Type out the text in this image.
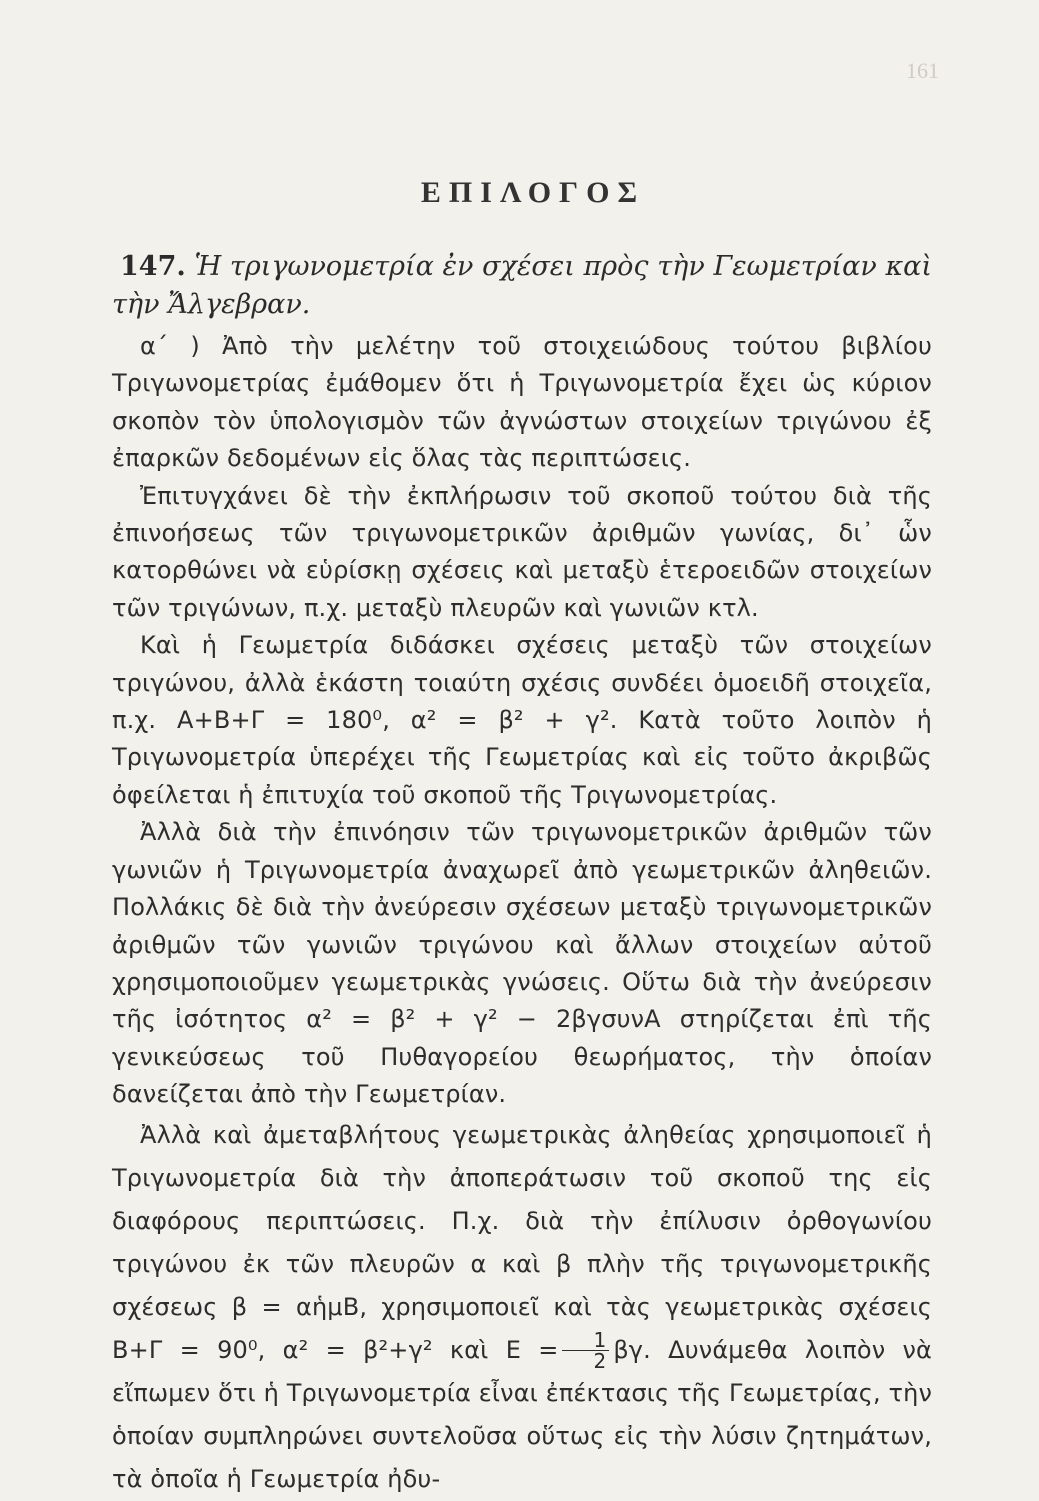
161
ΕΠΙΛΟΓΟΣ
147. Ἡ τριγωνομετρία ἐν σχέσει πρὸς τὴν Γεωμετρίαν καὶ τὴν Ἄλγεβραν.

α΄ ) Ἀπὸ τὴν μελέτην τοῦ στοιχειώδους τούτου βιβλίου Τριγωνομετρίας ἐμάθομεν ὅτι ἡ Τριγωνομετρία ἔχει ὡς κύριον σκοπὸν τὸν ὑπολογισμὸν τῶν ἀγνώστων στοιχείων τριγώνου ἐξ ἐπαρκῶν δεδομένων εἰς ὅλας τὰς περιπτώσεις.

Ἐπιτυγχάνει δὲ τὴν ἐκπλήρωσιν τοῦ σκοποῦ τούτου διὰ τῆς ἐπινοήσεως τῶν τριγωνομετρικῶν ἀριθμῶν γωνίας, δι᾿ ὧν κατορθώνει νὰ εὑρίσκῃ σχέσεις καὶ μεταξὺ ἑτεροειδῶν στοιχείων τῶν τριγώνων, π.χ. μεταξὺ πλευρῶν καὶ γωνιῶν κτλ.

Καὶ ἡ Γεωμετρία διδάσκει σχέσεις μεταξὺ τῶν στοιχείων τριγώνου, ἀλλὰ ἑκάστη τοιαύτη σχέσις συνδέει ὁμοειδῆ στοιχεῖα, π.χ. Α+Β+Γ = 180⁰, α² = β² + γ². Κατὰ τοῦτο λοιπὸν ἡ Τριγωνομετρία ὑπερέχει τῆς Γεωμετρίας καὶ εἰς τοῦτο ἀκριβῶς ὀφείλεται ἡ ἐπιτυχία τοῦ σκοποῦ τῆς Τριγωνομετρίας.

Ἀλλὰ διὰ τὴν ἐπινόησιν τῶν τριγωνομετρικῶν ἀριθμῶν τῶν γωνιῶν ἡ Τριγωνομετρία ἀναχωρεῖ ἀπὸ γεωμετρικῶν ἀληθειῶν. Πολλάκις δὲ διὰ τὴν ἀνεύρεσιν σχέσεων μεταξὺ τριγωνομετρικῶν ἀριθμῶν τῶν γωνιῶν τριγώνου καὶ ἄλλων στοιχείων αὐτοῦ χρησιμοποιοῦμεν γεωμετρικὰς γνώσεις. Οὕτω διὰ τὴν ἀνεύρεσιν τῆς ἰσότητος α² = β² + γ² − 2βγσυνΑ στηρίζεται ἐπὶ τῆς γενικεύσεως τοῦ Πυθαγορείου θεωρήματος, τὴν ὁποίαν δανείζεται ἀπὸ τὴν Γεωμετρίαν.

Ἀλλὰ καὶ ἀμεταβλήτους γεωμετρικὰς ἀληθείας χρησιμοποιεῖ ἡ Τριγωνομετρία διὰ τὴν ἀποπεράτωσιν τοῦ σκοποῦ της εἰς διαφόρους περιπτώσεις. Π.χ. διὰ τὴν ἐπίλυσιν ὀρθογωνίου τριγώνου ἐκ τῶν πλευρῶν α καὶ β πλὴν τῆς τριγωνομετρικῆς σχέσεως β = αἡμΒ, χρησιμοποιεῖ καὶ τὰς γεωμετρικὰς σχέσεις Β+Γ = 90⁰, α² = β²+γ² καὶ $E = \frac{1}{2} \beta\gamma$. Δυνάμεθα λοιπὸν νὰ εἴπωμεν ὅτι ἡ Τριγωνομετρία εἶναι ἐπέκτασις τῆς Γεωμετρίας, τὴν ὁποίαν συμπληρώνει συντελοῦσα οὕτως εἰς τὴν λύσιν ζητημάτων, τὰ ὁποῖα ἡ Γεωμετρία ἠδυ-
